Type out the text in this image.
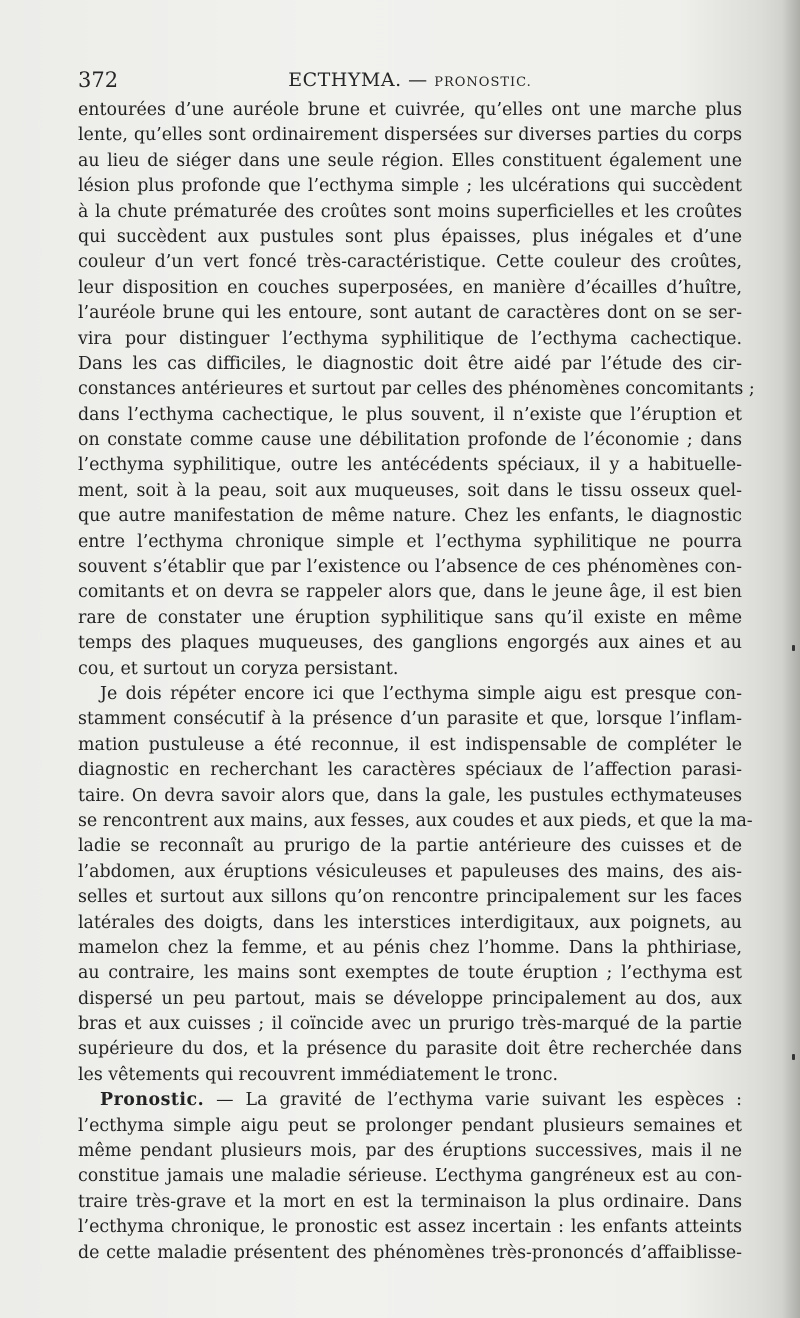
372	ECTHYMA. — PRONOSTIC.
entourées d’une auréole brune et cuivrée, qu’elles ont une marche plus
lente, qu’elles sont ordinairement dispersées sur diverses parties du corps
au lieu de siéger dans une seule région. Elles constituent également une
lésion plus profonde que l’ecthyma simple ; les ulcérations qui succèdent
à la chute prématurée des croûtes sont moins superficielles et les croûtes
qui succèdent aux pustules sont plus épaisses, plus inégales et d’une
couleur d’un vert foncé très-caractéristique. Cette couleur des croûtes,
leur disposition en couches superposées, en manière d’écailles d’huître,
l’auréole brune qui les entoure, sont autant de caractères dont on se ser-
vira pour distinguer l’ecthyma syphilitique de l’ecthyma cachectique.
Dans les cas difficiles, le diagnostic doit être aidé par l’étude des cir-
constances antérieures et surtout par celles des phénomènes concomitants ;
dans l’ecthyma cachectique, le plus souvent, il n’existe que l’éruption et
on constate comme cause une débilitation profonde de l’économie ; dans
l’ecthyma syphilitique, outre les antécédents spéciaux, il y a habituelle-
ment, soit à la peau, soit aux muqueuses, soit dans le tissu osseux quel-
que autre manifestation de même nature. Chez les enfants, le diagnostic
entre l’ecthyma chronique simple et l’ecthyma syphilitique ne pourra
souvent s’établir que par l’existence ou l’absence de ces phénomènes con-
comitants et on devra se rappeler alors que, dans le jeune âge, il est bien
rare de constater une éruption syphilitique sans qu’il existe en même
temps des plaques muqueuses, des ganglions engorgés aux aines et au
cou, et surtout un coryza persistant.
Je dois répéter encore ici que l’ecthyma simple aigu est presque con-
stamment consécutif à la présence d’un parasite et que, lorsque l’inflam-
mation pustuleuse a été reconnue, il est indispensable de compléter le
diagnostic en recherchant les caractères spéciaux de l’affection parasi-
taire. On devra savoir alors que, dans la gale, les pustules ecthymateuses
se rencontrent aux mains, aux fesses, aux coudes et aux pieds, et que la ma-
ladie se reconnaît au prurigo de la partie antérieure des cuisses et de
l’abdomen, aux éruptions vésiculeuses et papuleuses des mains, des ais-
selles et surtout aux sillons qu’on rencontre principalement sur les faces
latérales des doigts, dans les interstices interdigitaux, aux poignets, au
mamelon chez la femme, et au pénis chez l’homme. Dans la phthiriase,
au contraire, les mains sont exemptes de toute éruption ; l’ecthyma est
dispersé un peu partout, mais se développe principalement au dos, aux
bras et aux cuisses ; il coïncide avec un prurigo très-marqué de la partie
supérieure du dos, et la présence du parasite doit être recherchée dans
les vêtements qui recouvrent immédiatement le tronc.
Pronostic. — La gravité de l’ecthyma varie suivant les espèces :
l’ecthyma simple aigu peut se prolonger pendant plusieurs semaines et
même pendant plusieurs mois, par des éruptions successives, mais il ne
constitue jamais une maladie sérieuse. L’ecthyma gangréneux est au con-
traire très-grave et la mort en est la terminaison la plus ordinaire. Dans
l’ecthyma chronique, le pronostic est assez incertain : les enfants atteints
de cette maladie présentent des phénomènes très-prononcés d’affaiblisse-
